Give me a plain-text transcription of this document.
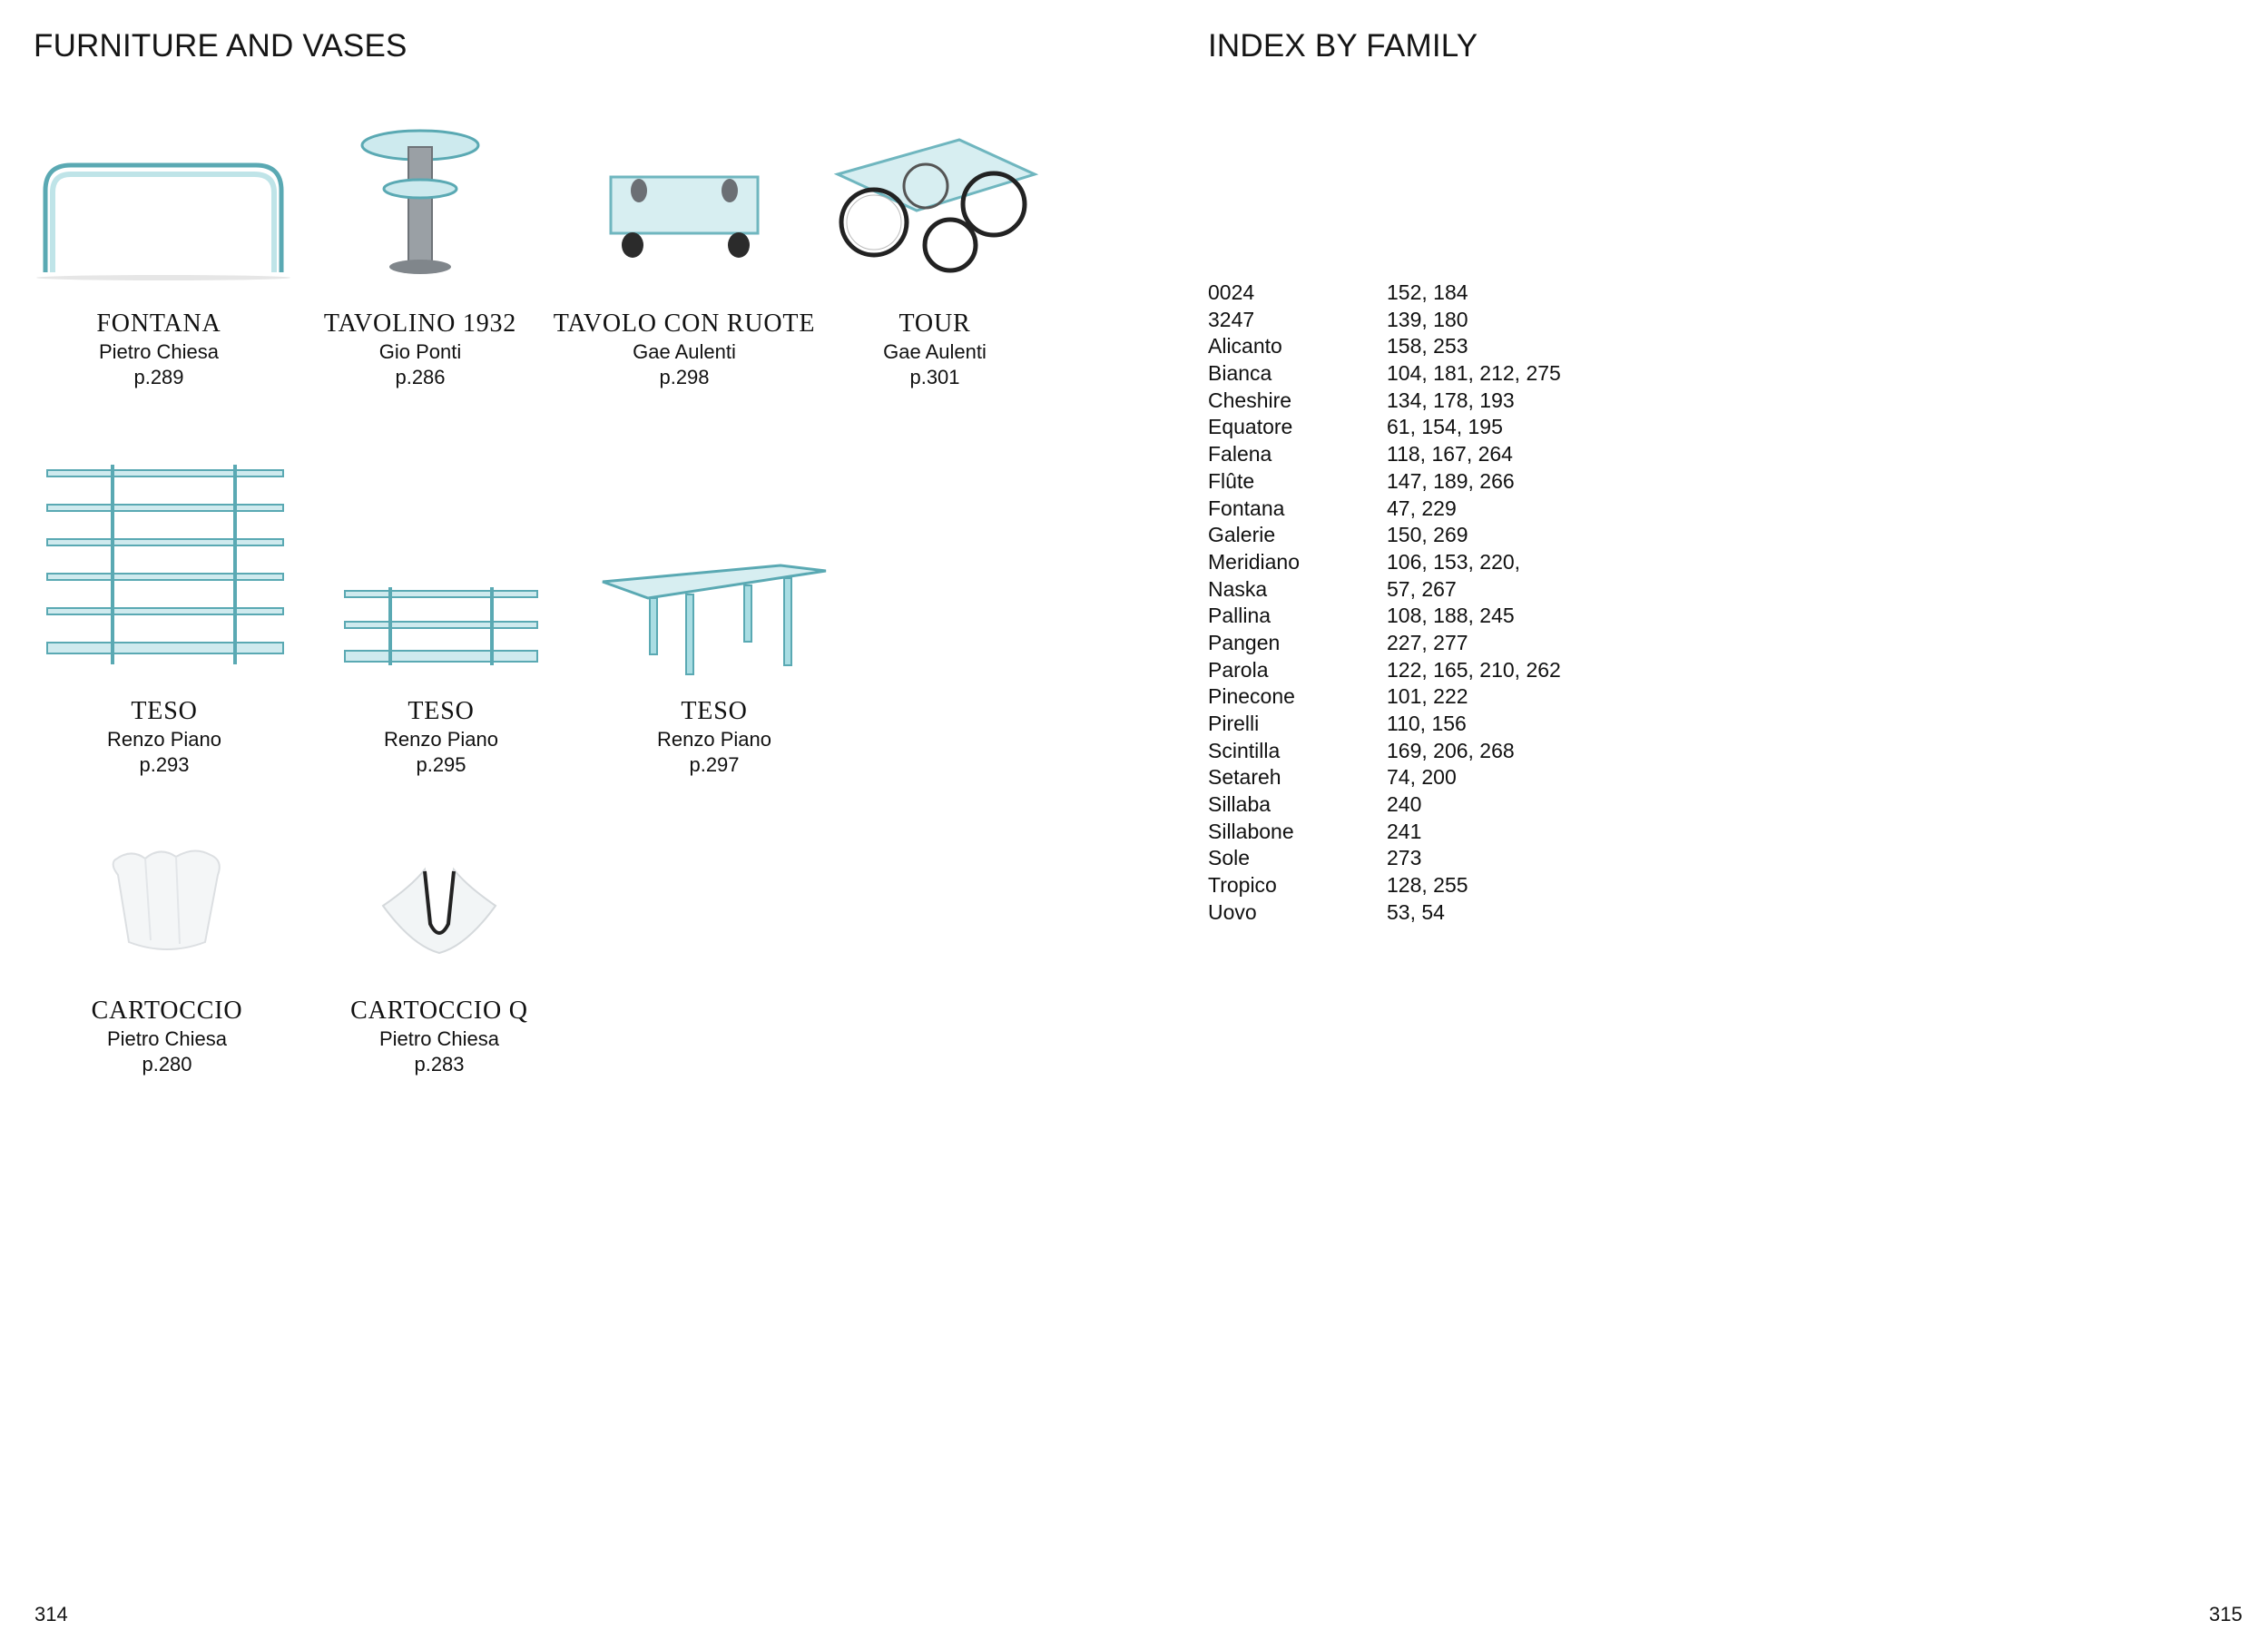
FURNITURE AND VASES	INDEX BY FAMILY
FONTANA
Pietro Chiesa
p.289
TAVOLINO 1932
Gio Ponti
p.286
TAVOLO CON RUOTE
Gae Aulenti
p.298
TOUR
Gae Aulenti
p.301
TESO
Renzo Piano
p.293
TESO
Renzo Piano
p.295
TESO
Renzo Piano
p.297
CARTOCCIO
Pietro Chiesa
p.280
CARTOCCIO Q
Pietro Chiesa
p.283
0024	152, 184
3247	139, 180
Alicanto	158, 253
Bianca	104, 181, 212, 275
Cheshire	134, 178, 193
Equatore	61, 154, 195
Falena	118, 167, 264
Flûte	147, 189, 266
Fontana	47, 229
Galerie	150, 269
Meridiano	106, 153, 220,
Naska	57, 267
Pallina	108, 188, 245
Pangen	227, 277
Parola	122, 165, 210, 262
Pinecone	101, 222
Pirelli	110, 156
Scintilla	169, 206, 268
Setareh	74, 200
Sillaba	240
Sillabone	241
Sole	273
Tropico	128, 255
Uovo	53, 54
314	315
